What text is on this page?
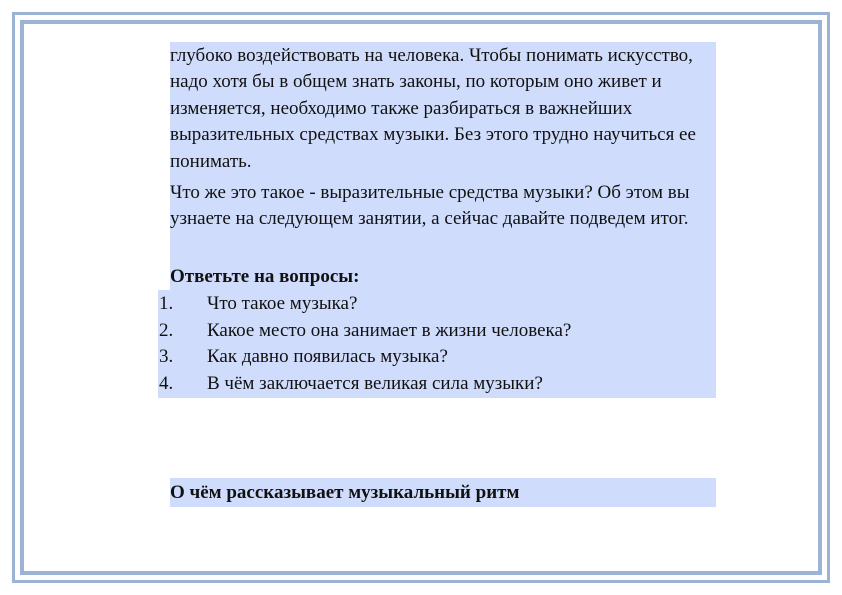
глубоко воздействовать на человека. Чтобы понимать искусство, надо хотя бы в общем знать законы, по которым оно живет и изменяется, необходимо также разбираться в важнейших выразительных средствах музыки. Без этого трудно научиться ее понимать.

Что же это такое - выразительные средства музыки? Об этом вы узнаете на следующем занятии, а сейчас давайте подведем итог.

Ответьте на вопросы:

1. Что такое музыка?
2. Какое место она занимает в жизни человека?
3. Как давно появилась музыка?
4. В чём заключается великая сила музыки?

О чём рассказывает музыкальный ритм
